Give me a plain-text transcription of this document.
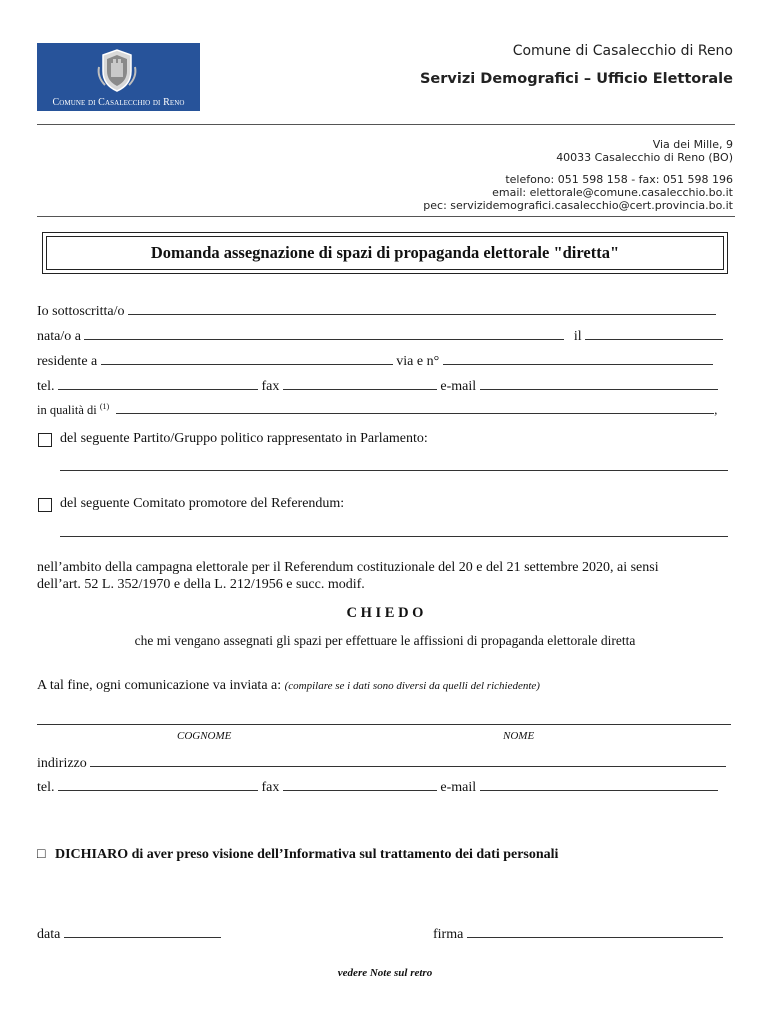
Comune di Casalecchio di Reno
Comune di Casalecchio di Reno
Servizi Demografici – Ufficio Elettorale
Via dei Mille, 9
40033 Casalecchio di Reno (BO)
telefono: 051 598 158 - fax: 051 598 196
email: elettorale@comune.casalecchio.bo.it
pec: servizidemografici.casalecchio@cert.provincia.bo.it
Domanda assegnazione di spazi di propaganda elettorale "diretta"
Io sottoscritta/o
nata/o a	il
residente a	via e n°
tel.	fax	e-mail
in qualità di $^{(1)}$	,
del seguente Partito/Gruppo politico rappresentato in Parlamento:
del seguente Comitato promotore del Referendum:
nell’ambito della campagna elettorale per il Referendum costituzionale del 20 e del 21 settembre 2020, ai sensi
dell’art. 52 L. 352/1970 e della L. 212/1956 e succ. modif.
C H I E D O
che mi vengano assegnati gli spazi per effettuare le affissioni di propaganda elettorale diretta
A tal fine, ogni comunicazione va inviata a: (compilare se i dati sono diversi da quelli del richiedente)
COGNOME	NOME
indirizzo
tel.	fax	e-mail
□ DICHIARO di aver preso visione dell’Informativa sul trattamento dei dati personali
data	firma
vedere Note sul retro
